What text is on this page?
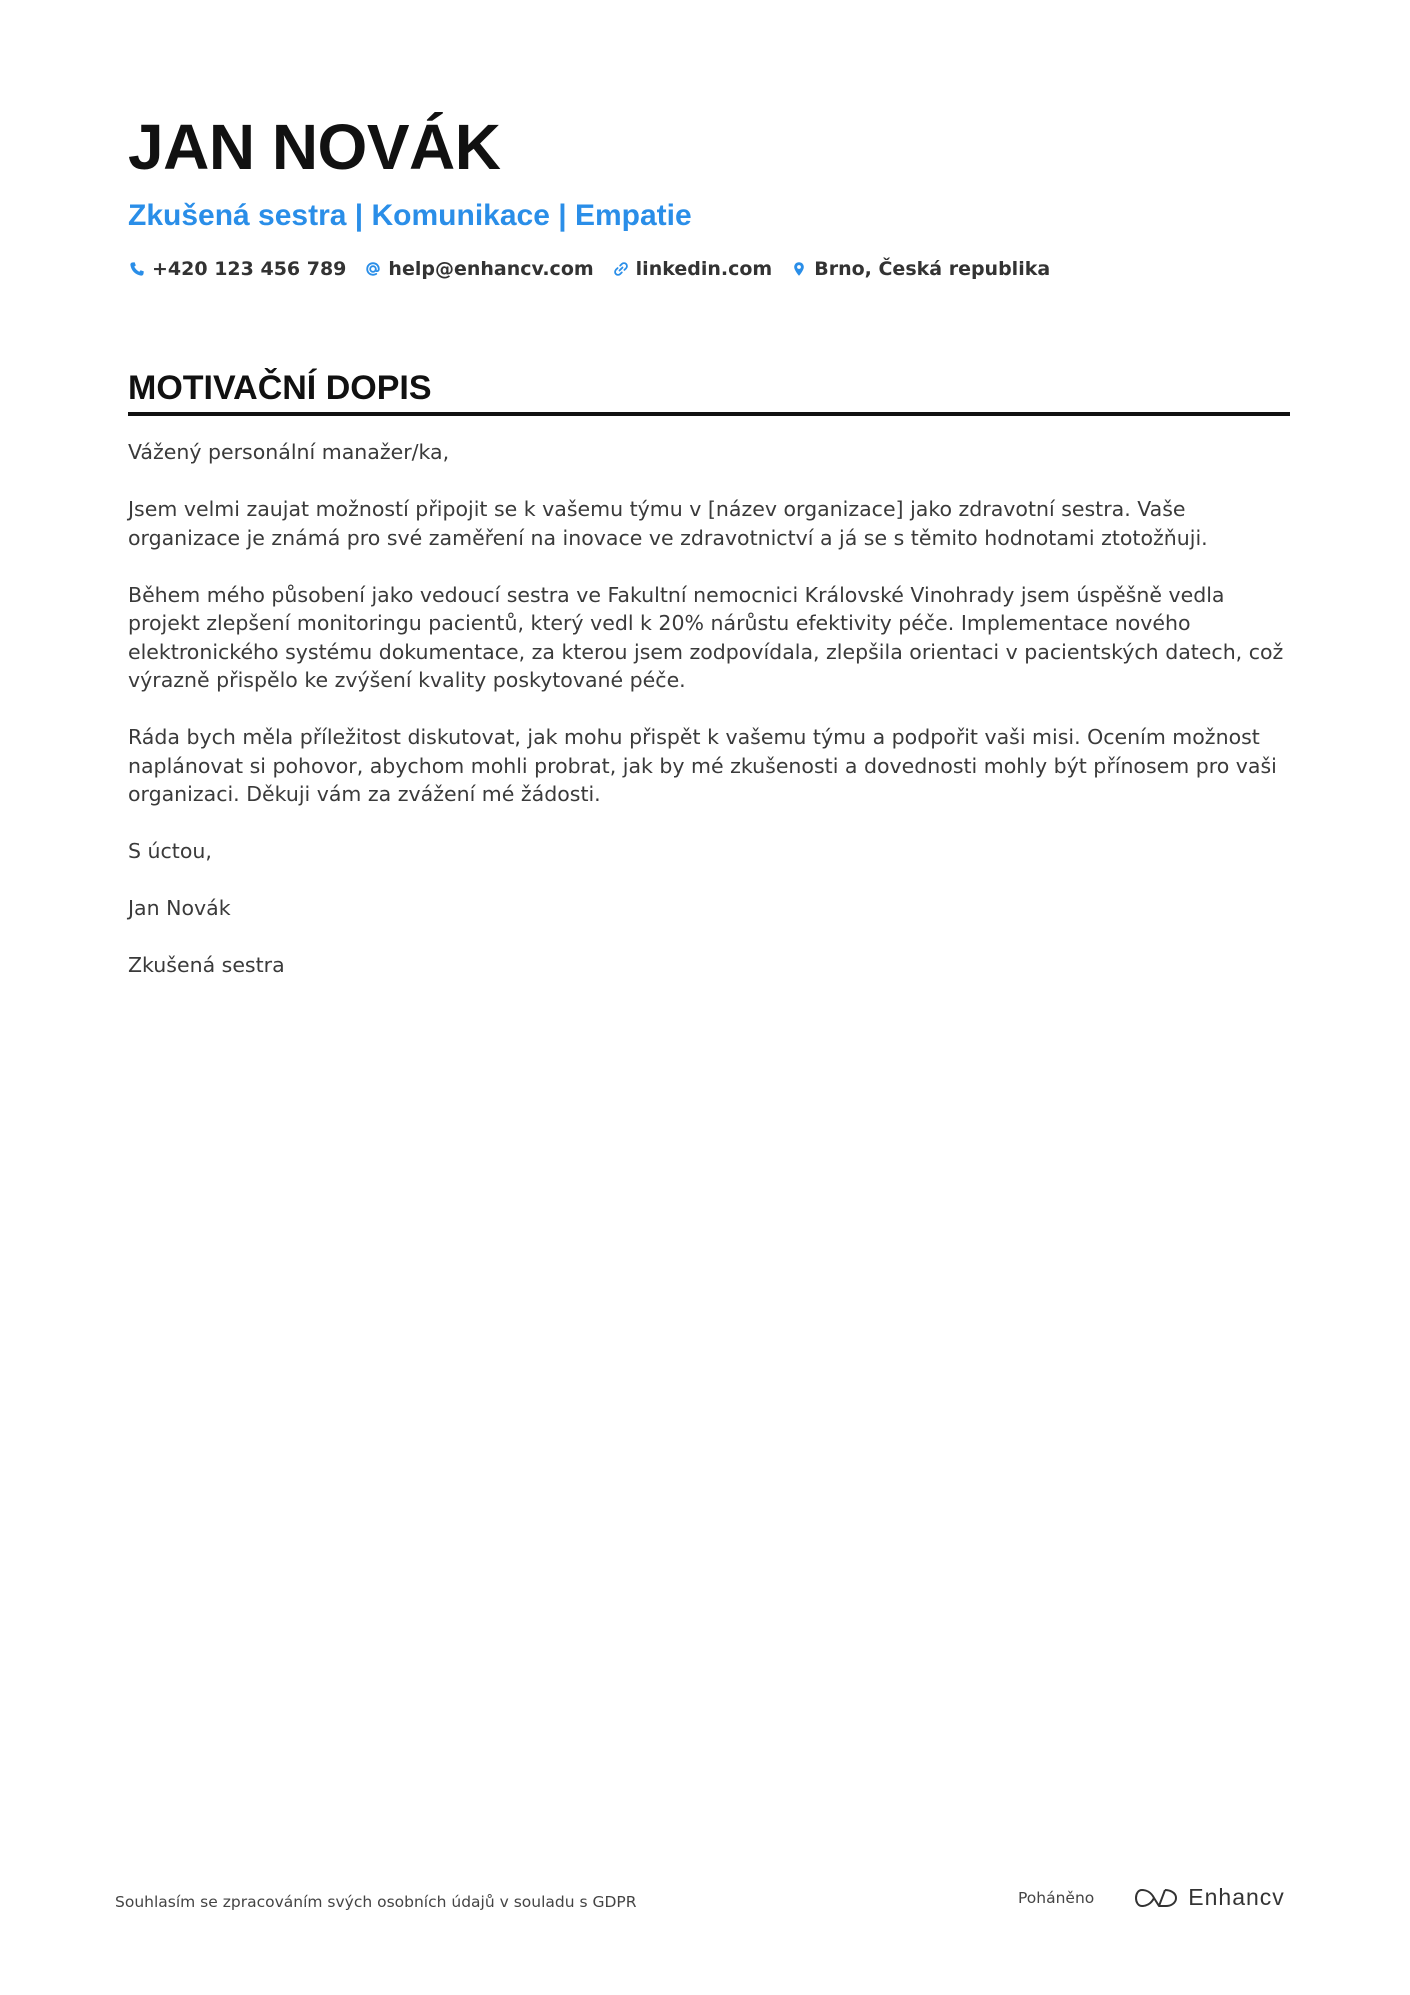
JAN NOVÁK
Zkušená sestra | Komunikace | Empatie
+420 123 456 789 help@enhancv.com linkedin.com Brno, Česká republika
MOTIVAČNÍ DOPIS

Vážený personální manažer/ka,

Jsem velmi zaujat možností připojit se k vašemu týmu v [název organizace] jako zdravotní sestra. Vaše organizace je známá pro své zaměření na inovace ve zdravotnictví a já se s těmito hodnotami ztotožňuji.

Během mého působení jako vedoucí sestra ve Fakultní nemocnici Královské Vinohrady jsem úspěšně vedla projekt zlepšení monitoringu pacientů, který vedl k 20% nárůstu efektivity péče. Implementace nového elektronického systému dokumentace, za kterou jsem zodpovídala, zlepšila orientaci v pacientských datech, což výrazně přispělo ke zvýšení kvality poskytované péče.

Ráda bych měla příležitost diskutovat, jak mohu přispět k vašemu týmu a podpořit vaši misi. Ocením možnost naplánovat si pohovor, abychom mohli probrat, jak by mé zkušenosti a dovednosti mohly být přínosem pro vaši organizaci. Děkuji vám za zvážení mé žádosti.

S úctou,

Jan Novák

Zkušená sestra

Souhlasím se zpracováním svých osobních údajů v souladu s GDPR	Poháněno	Enhancv
